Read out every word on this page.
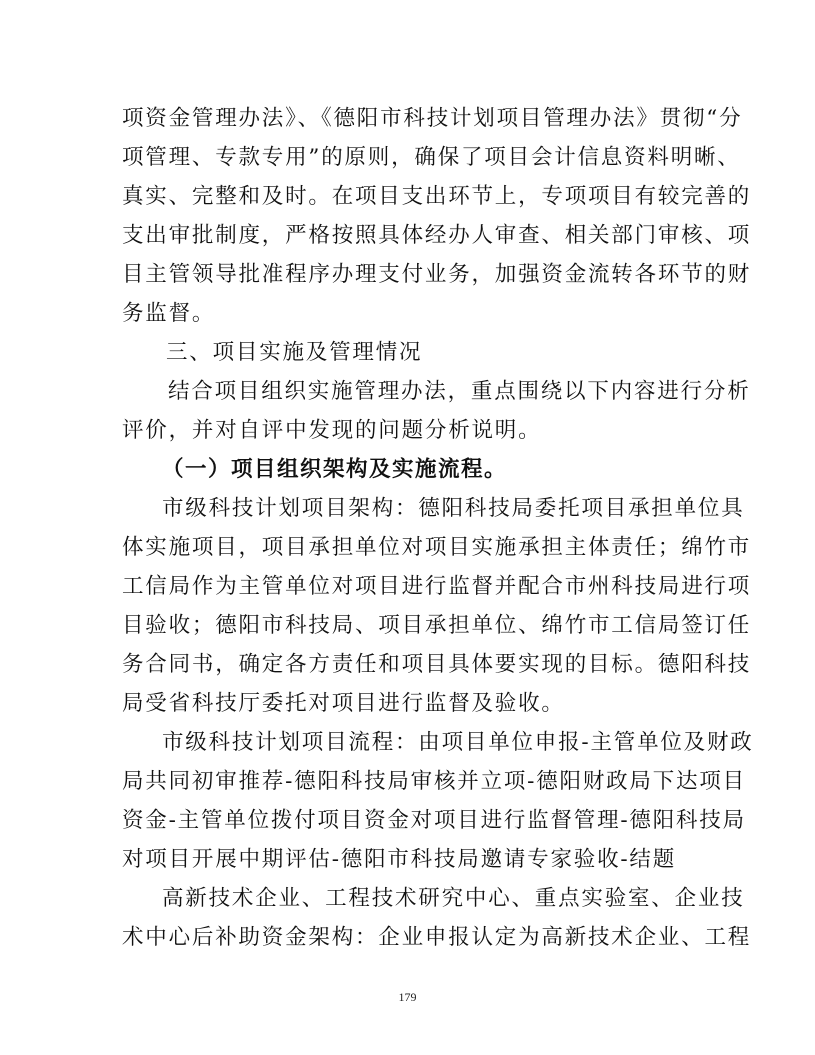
项资金管理办法》、《德阳市科技计划项目管理办法》贯彻“分
项管理、专款专用”的原则，确保了项目会计信息资料明晰、
真实、完整和及时。在项目支出环节上，专项项目有较完善的
支出审批制度，严格按照具体经办人审查、相关部门审核、项
目主管领导批准程序办理支付业务，加强资金流转各环节的财
务监督。
三、项目实施及管理情况
结合项目组织实施管理办法，重点围绕以下内容进行分析
评价，并对自评中发现的问题分析说明。
（一）项目组织架构及实施流程。
市级科技计划项目架构：德阳科技局委托项目承担单位具
体实施项目，项目承担单位对项目实施承担主体责任；绵竹市
工信局作为主管单位对项目进行监督并配合市州科技局进行项
目验收；德阳市科技局、项目承担单位、绵竹市工信局签订任
务合同书，确定各方责任和项目具体要实现的目标。德阳科技
局受省科技厅委托对项目进行监督及验收。
市级科技计划项目流程：由项目单位申报-主管单位及财政
局共同初审推荐-德阳科技局审核并立项-德阳财政局下达项目
资金-主管单位拨付项目资金对项目进行监督管理-德阳科技局
对项目开展中期评估-德阳市科技局邀请专家验收-结题
高新技术企业、工程技术研究中心、重点实验室、企业技
术中心后补助资金架构：企业申报认定为高新技术企业、工程
179
